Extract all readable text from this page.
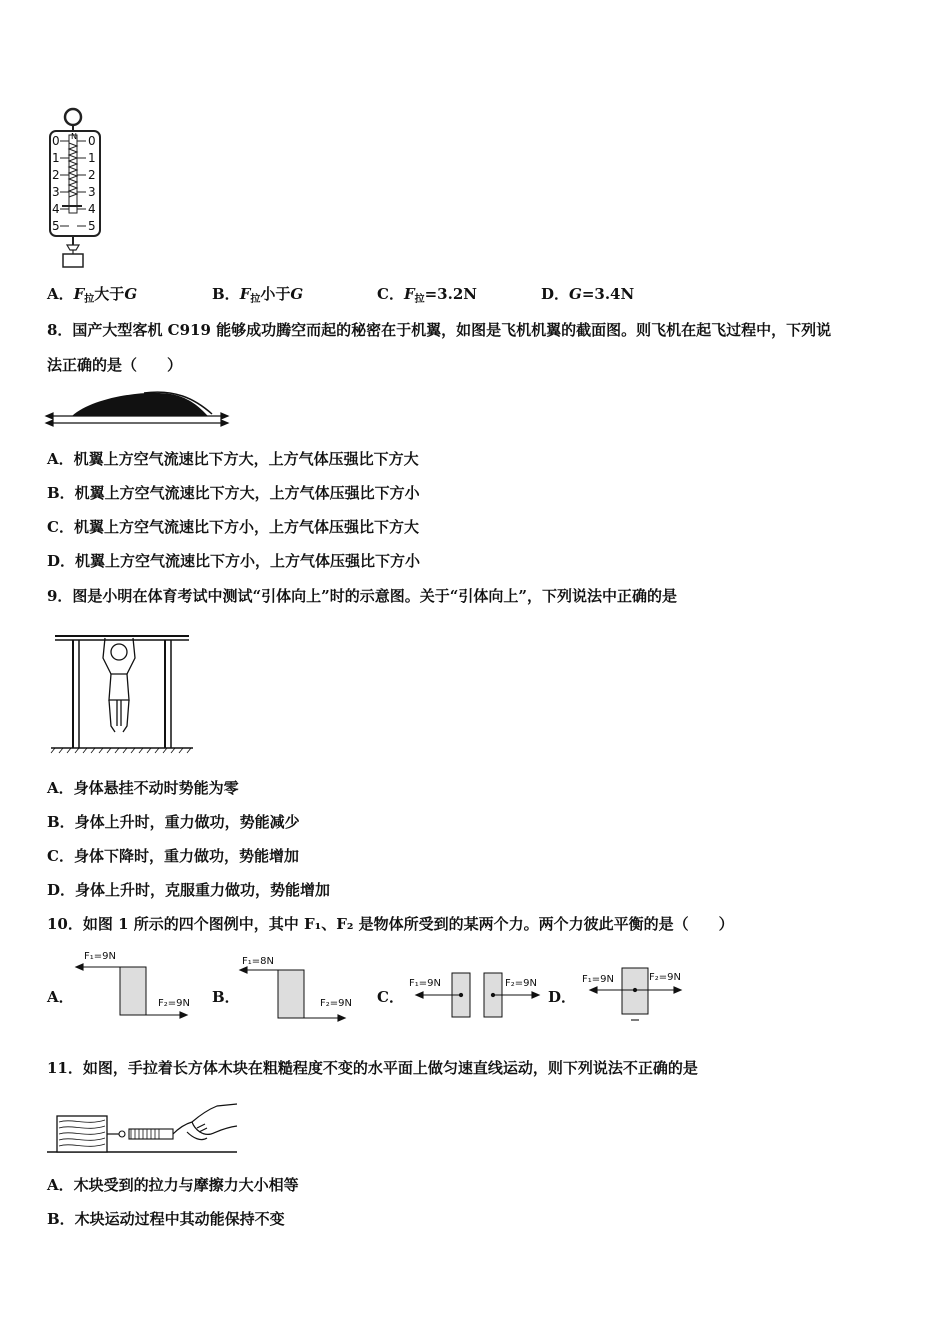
N
0
1
2
3
4
5
0
1
2
3
4
5
A．$F_拉$大于G	B．$F_拉$小于G	C．$F_拉=3.2N$	D．G=3.4N
8．国产大型客机 C919 能够成功腾空而起的秘密在于机翼，如图是飞机机翼的截面图。则飞机在起飞过程中，下列说
法正确的是（　　）
A．机翼上方空气流速比下方大，上方气体压强比下方大
B．机翼上方空气流速比下方大，上方气体压强比下方小
C．机翼上方空气流速比下方小，上方气体压强比下方大
D．机翼上方空气流速比下方小，上方气体压强比下方小
9．图是小明在体育考试中测试“引体向上”时的示意图。关于“引体向上”，下列说法中正确的是
A．身体悬挂不动时势能为零
B．身体上升时，重力做功，势能减少
C．身体下降时，重力做功，势能增加
D．身体上升时，克服重力做功，势能增加
10．如图 1 所示的四个图例中，其中 F₁、F₂ 是物体所受到的某两个力。两个力彼此平衡的是（　　）
A．
F₁=9N
F₂=9N B．
F₁=8N
F₂=9N C．
F₁=9N	F₂=9N
D．
F₁=9N	F₂=9N
11．如图，手拉着长方体木块在粗糙程度不变的水平面上做匀速直线运动，则下列说法不正确的是
A．木块受到的拉力与摩擦力大小相等
B．木块运动过程中其动能保持不变
